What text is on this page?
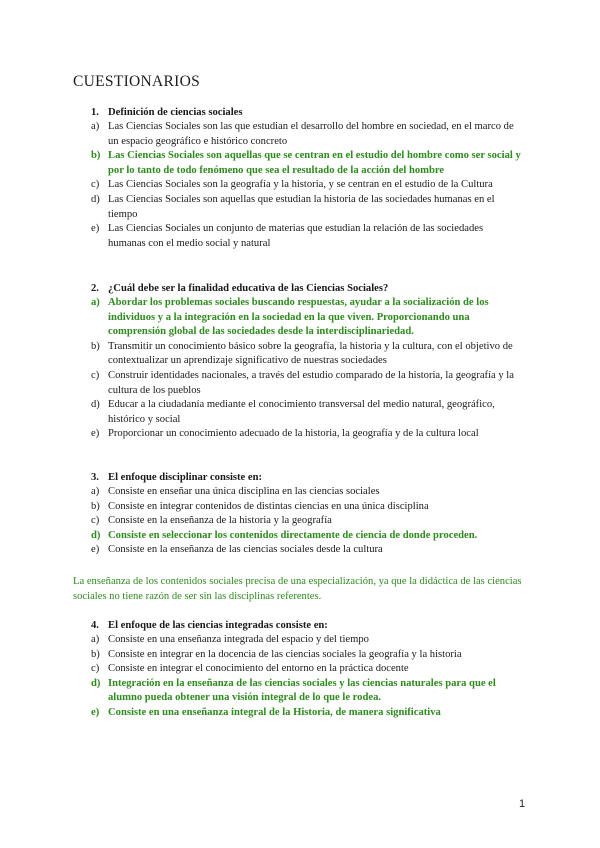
CUESTIONARIOS
1. Definición de ciencias sociales
a) Las Ciencias Sociales son las que estudian el desarrollo del hombre en sociedad, en el marco de un espacio geográfico e histórico concreto
b) Las Ciencias Sociales son aquellas que se centran en el estudio del hombre como ser social y por lo tanto de todo fenómeno que sea el resultado de la acción del hombre
c) Las Ciencias Sociales son la geografía y la historia, y se centran en el estudio de la Cultura
d) Las Ciencias Sociales son aquellas que estudian la historia de las sociedades humanas en el tiempo
e) Las Ciencias Sociales un conjunto de materias que estudian la relación de las sociedades humanas con el medio social y natural
2. ¿Cuál debe ser la finalidad educativa de las Ciencias Sociales?
a) Abordar los problemas sociales buscando respuestas, ayudar a la socialización de los individuos y a la integración en la sociedad en la que viven. Proporcionando una comprensión global de las sociedades desde la interdisciplinariedad.
b) Transmitir un conocimiento básico sobre la geografía, la historia y la cultura, con el objetivo de contextualizar un aprendizaje significativo de nuestras sociedades
c) Construir identidades nacionales, a través del estudio comparado de la historia, la geografía y la cultura de los pueblos
d) Educar a la ciudadanía mediante el conocimiento transversal del medio natural, geográfico, histórico y social
e) Proporcionar un conocimiento adecuado de la historia, la geografía y de la cultura local
3. El enfoque disciplinar consiste en:
a) Consiste en enseñar una única disciplina en las ciencias sociales
b) Consiste en integrar contenidos de distintas ciencias en una única disciplina
c) Consiste en la enseñanza de la historia y la geografía
d) Consiste en seleccionar los contenidos directamente de ciencia de donde proceden.
e) Consiste en la enseñanza de las ciencias sociales desde la cultura
La enseñanza de los contenidos sociales precisa de una especialización, ya que la didáctica de las ciencias sociales no tiene razón de ser sin las disciplinas referentes.
4. El enfoque de las ciencias integradas consiste en:
a) Consiste en una enseñanza integrada del espacio y del tiempo
b) Consiste en integrar en la docencia de las ciencias sociales la geografía y la historia
c) Consiste en integrar el conocimiento del entorno en la práctica docente
d) Integración en la enseñanza de las ciencias sociales y las ciencias naturales para que el alumno pueda obtener una visión integral de lo que le rodea.
e) Consiste en una enseñanza integral de la Historia, de manera significativa
1
